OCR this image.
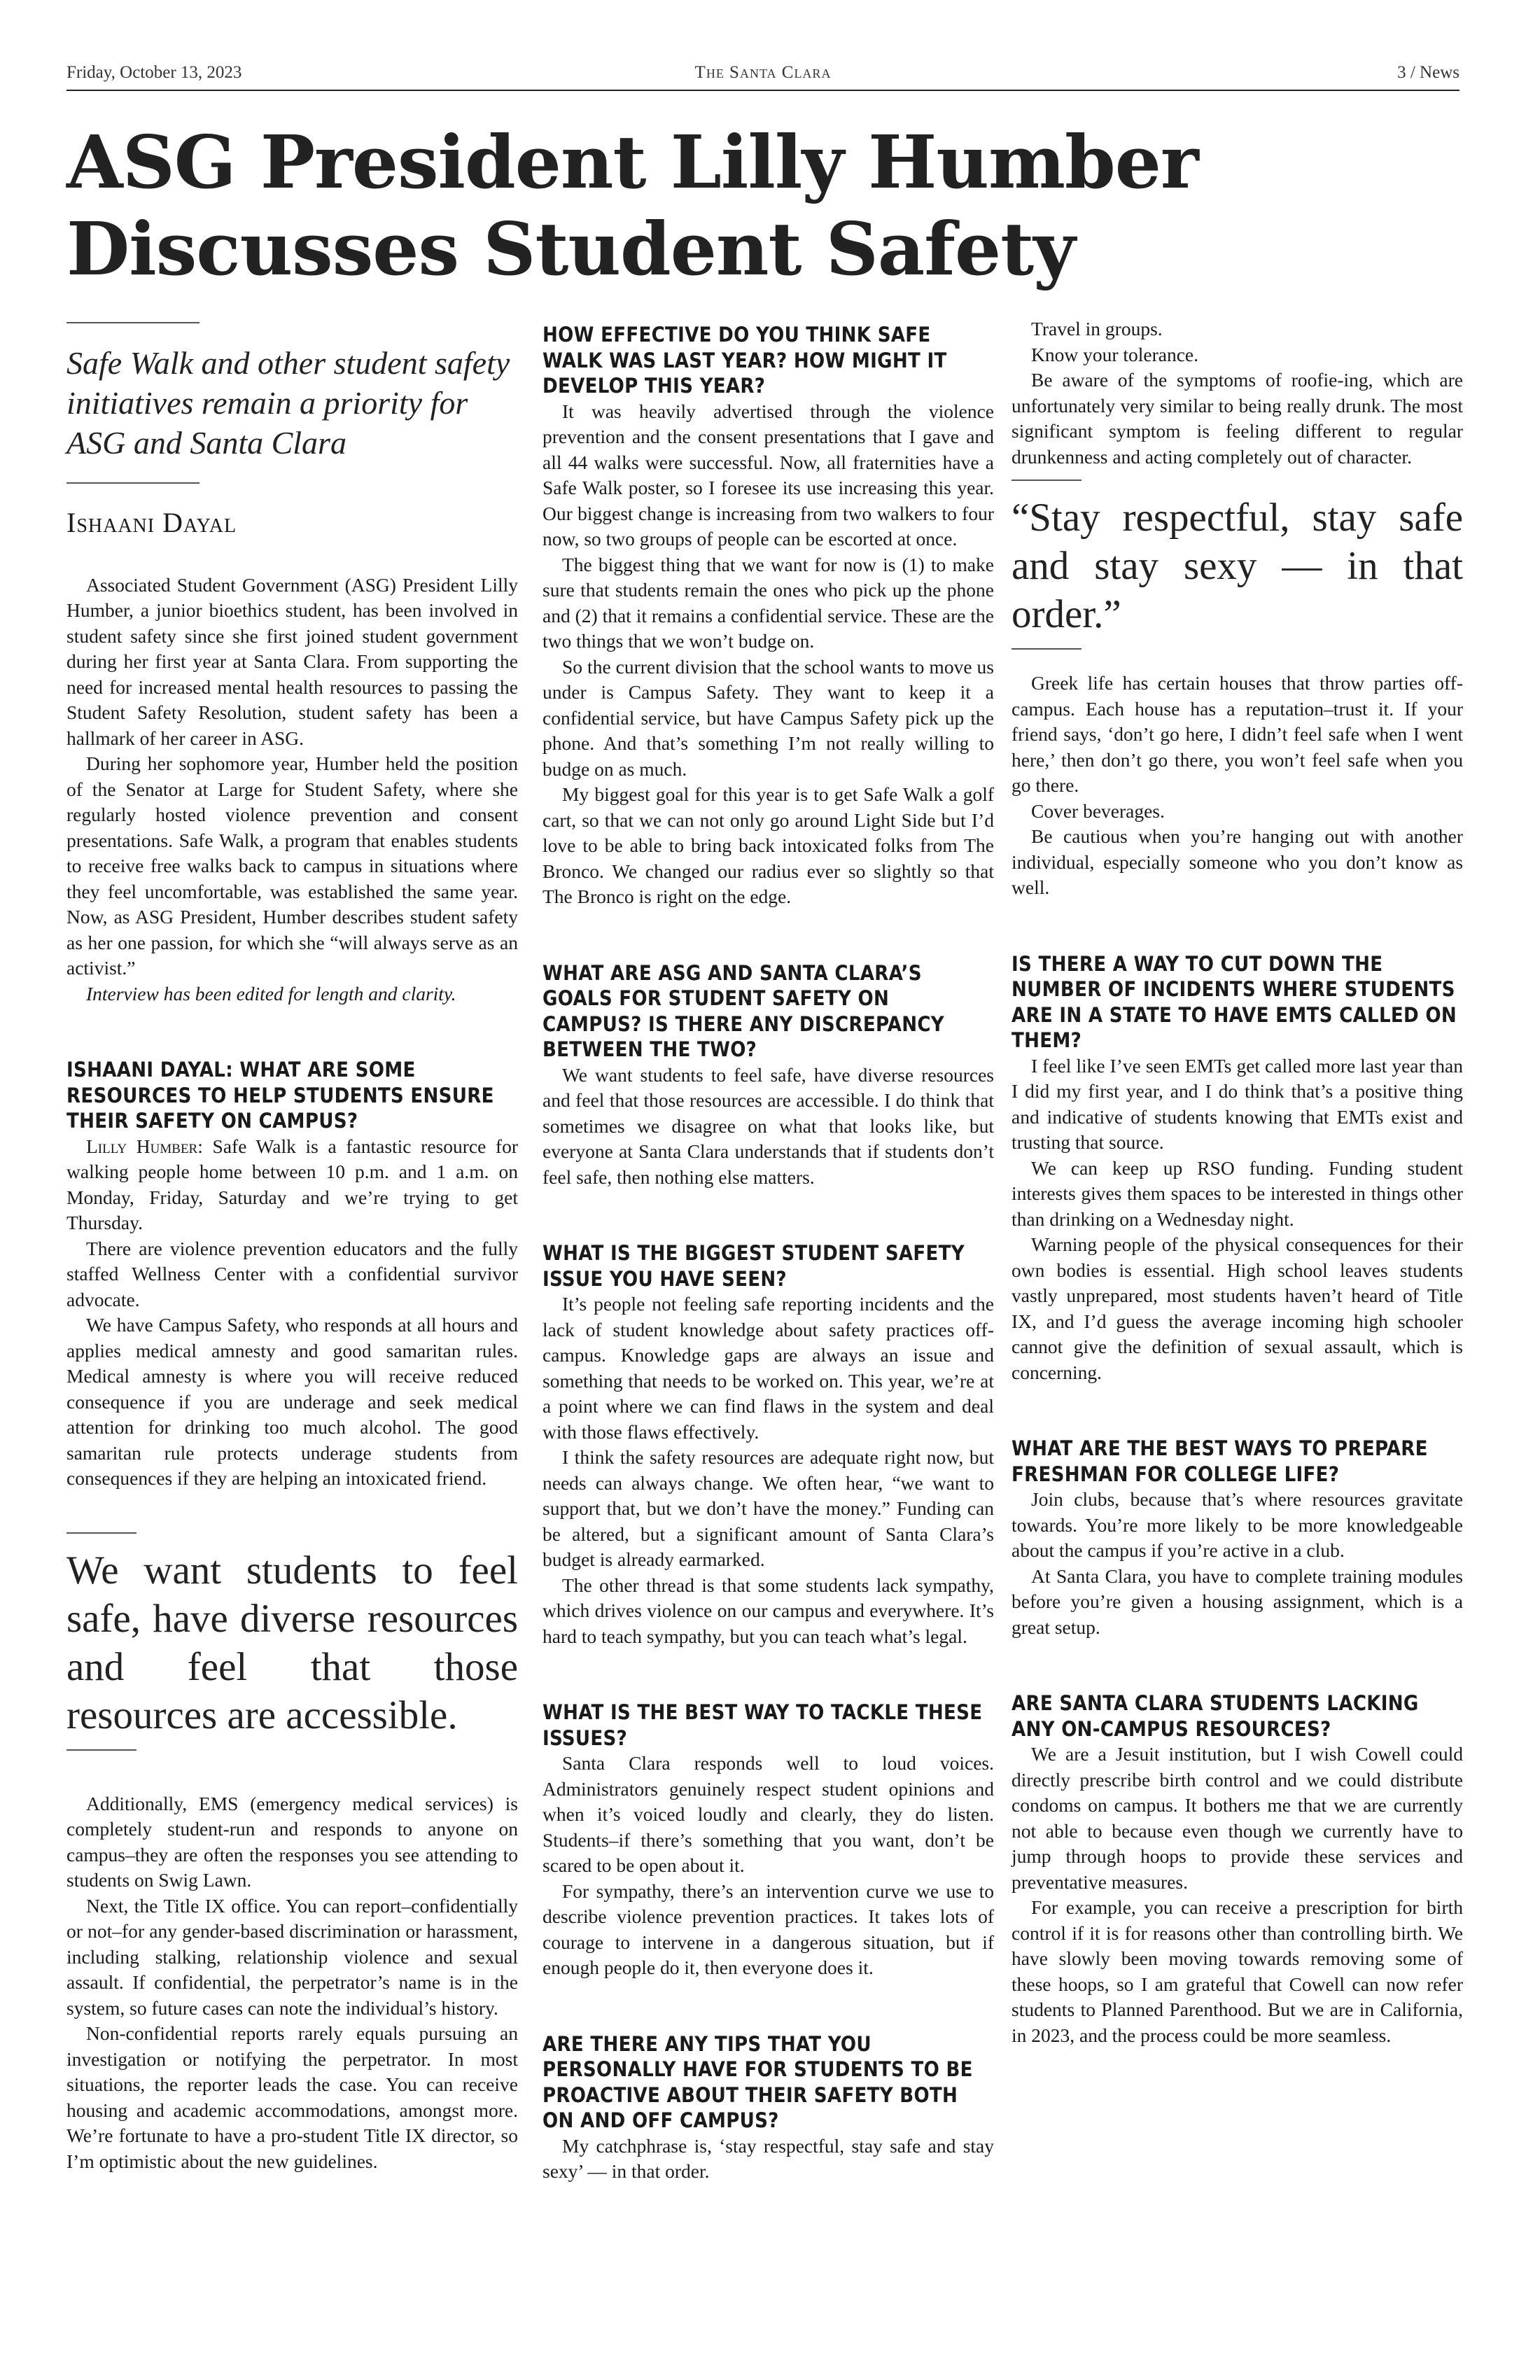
Friday, October 13, 2023	The Santa Clara	3 / News
ASG President Lilly Humber Discusses Student Safety
Safe Walk and other student safety initiatives remain a priority for ASG and Santa Clara
Ishaani Dayal

Associated Student Government (ASG) President Lilly Humber, a junior bioethics student, has been involved in student safety since she first joined student government during her first year at Santa Clara. From supporting the need for increased mental health resources to passing the Student Safety Resolution, student safety has been a hallmark of her career in ASG.

During her sophomore year, Humber held the position of the Senator at Large for Student Safety, where she regularly hosted violence prevention and consent presentations. Safe Walk, a program that enables students to receive free walks back to campus in situations where they feel uncomfortable, was established the same year. Now, as ASG President, Humber describes student safety as her one passion, for which she “will always serve as an activist.”

Interview has been edited for length and clarity.

ISHAANI DAYAL: WHAT ARE SOME RESOURCES TO HELP STUDENTS ENSURE THEIR SAFETY ON CAMPUS?

Lilly Humber: Safe Walk is a fantastic resource for walking people home between 10 p.m. and 1 a.m. on Monday, Friday, Saturday and we’re trying to get Thursday.

There are violence prevention educators and the fully staffed Wellness Center with a confidential survivor advocate.

We have Campus Safety, who responds at all hours and applies medical amnesty and good samaritan rules. Medical amnesty is where you will receive reduced consequence if you are underage and seek medical attention for drinking too much alcohol. The good samaritan rule protects underage students from consequences if they are helping an intoxicated friend.

We want students to feel safe, have diverse resources and feel that those resources are accessible.

Additionally, EMS (emergency medical services) is completely student-run and responds to anyone on campus–they are often the responses you see attending to students on Swig Lawn.

Next, the Title IX office. You can report–confidentially or not–for any gender-based discrimination or harassment, including stalking, relationship violence and sexual assault. If confidential, the perpetrator’s name is in the system, so future cases can note the individual’s history.

Non-confidential reports rarely equals pursuing an investigation or notifying the perpetrator. In most situations, the reporter leads the case. You can receive housing and academic accommodations, amongst more. We’re fortunate to have a pro-student Title IX director, so I’m optimistic about the new guidelines.

HOW EFFECTIVE DO YOU THINK SAFE WALK WAS LAST YEAR? HOW MIGHT IT DEVELOP THIS YEAR?

It was heavily advertised through the violence prevention and the consent presentations that I gave and all 44 walks were successful. Now, all fraternities have a Safe Walk poster, so I foresee its use increasing this year. Our biggest change is increasing from two walkers to four now, so two groups of people can be escorted at once.

The biggest thing that we want for now is (1) to make sure that students remain the ones who pick up the phone and (2) that it remains a confidential service. These are the two things that we won’t budge on.

So the current division that the school wants to move us under is Campus Safety. They want to keep it a confidential service, but have Campus Safety pick up the phone. And that’s something I’m not really willing to budge on as much.

My biggest goal for this year is to get Safe Walk a golf cart, so that we can not only go around Light Side but I’d love to be able to bring back intoxicated folks from The Bronco. We changed our radius ever so slightly so that The Bronco is right on the edge.

WHAT ARE ASG AND SANTA CLARA’S GOALS FOR STUDENT SAFETY ON CAMPUS? IS THERE ANY DISCREPANCY BETWEEN THE TWO?

We want students to feel safe, have diverse resources and feel that those resources are accessible. I do think that sometimes we disagree on what that looks like, but everyone at Santa Clara understands that if students don’t feel safe, then nothing else matters.

WHAT IS THE BIGGEST STUDENT SAFETY ISSUE YOU HAVE SEEN?

It’s people not feeling safe reporting incidents and the lack of student knowledge about safety practices off-campus. Knowledge gaps are always an issue and something that needs to be worked on. This year, we’re at a point where we can find flaws in the system and deal with those flaws effectively.

I think the safety resources are adequate right now, but needs can always change. We often hear, “we want to support that, but we don’t have the money.” Funding can be altered, but a significant amount of Santa Clara’s budget is already earmarked.

The other thread is that some students lack sympathy, which drives violence on our campus and everywhere. It’s hard to teach sympathy, but you can teach what’s legal.

WHAT IS THE BEST WAY TO TACKLE THESE ISSUES?

Santa Clara responds well to loud voices. Administrators genuinely respect student opinions and when it’s voiced loudly and clearly, they do listen. Students–if there’s something that you want, don’t be scared to be open about it.

For sympathy, there’s an intervention curve we use to describe violence prevention practices. It takes lots of courage to intervene in a dangerous situation, but if enough people do it, then everyone does it.

ARE THERE ANY TIPS THAT YOU PERSONALLY HAVE FOR STUDENTS TO BE PROACTIVE ABOUT THEIR SAFETY BOTH ON AND OFF CAMPUS?

My catchphrase is, ‘stay respectful, stay safe and stay sexy’ — in that order.

Travel in groups.

Know your tolerance.

Be aware of the symptoms of roofie-ing, which are unfortunately very similar to being really drunk. The most significant symptom is feeling different to regular drunkenness and acting completely out of character.

“Stay respectful, stay safe and stay sexy — in that order.”

Greek life has certain houses that throw parties off-campus. Each house has a reputation–trust it. If your friend says, ‘don’t go here, I didn’t feel safe when I went here,’ then don’t go there, you won’t feel safe when you go there.

Cover beverages.

Be cautious when you’re hanging out with another individual, especially someone who you don’t know as well.

IS THERE A WAY TO CUT DOWN THE NUMBER OF INCIDENTS WHERE STUDENTS ARE IN A STATE TO HAVE EMTS CALLED ON THEM?

I feel like I’ve seen EMTs get called more last year than I did my first year, and I do think that’s a positive thing and indicative of students knowing that EMTs exist and trusting that source.

We can keep up RSO funding. Funding student interests gives them spaces to be interested in things other than drinking on a Wednesday night.

Warning people of the physical consequences for their own bodies is essential. High school leaves students vastly unprepared, most students haven’t heard of Title IX, and I’d guess the average incoming high schooler cannot give the definition of sexual assault, which is concerning.

WHAT ARE THE BEST WAYS TO PREPARE FRESHMAN FOR COLLEGE LIFE?

Join clubs, because that’s where resources gravitate towards. You’re more likely to be more knowledgeable about the campus if you’re active in a club.

At Santa Clara, you have to complete training modules before you’re given a housing assignment, which is a great setup.

ARE SANTA CLARA STUDENTS LACKING ANY ON-CAMPUS RESOURCES?

We are a Jesuit institution, but I wish Cowell could directly prescribe birth control and we could distribute condoms on campus. It bothers me that we are currently not able to because even though we currently have to jump through hoops to provide these services and preventative measures.

For example, you can receive a prescription for birth control if it is for reasons other than controlling birth. We have slowly been moving towards removing some of these hoops, so I am grateful that Cowell can now refer students to Planned Parenthood. But we are in California, in 2023, and the process could be more seamless.
